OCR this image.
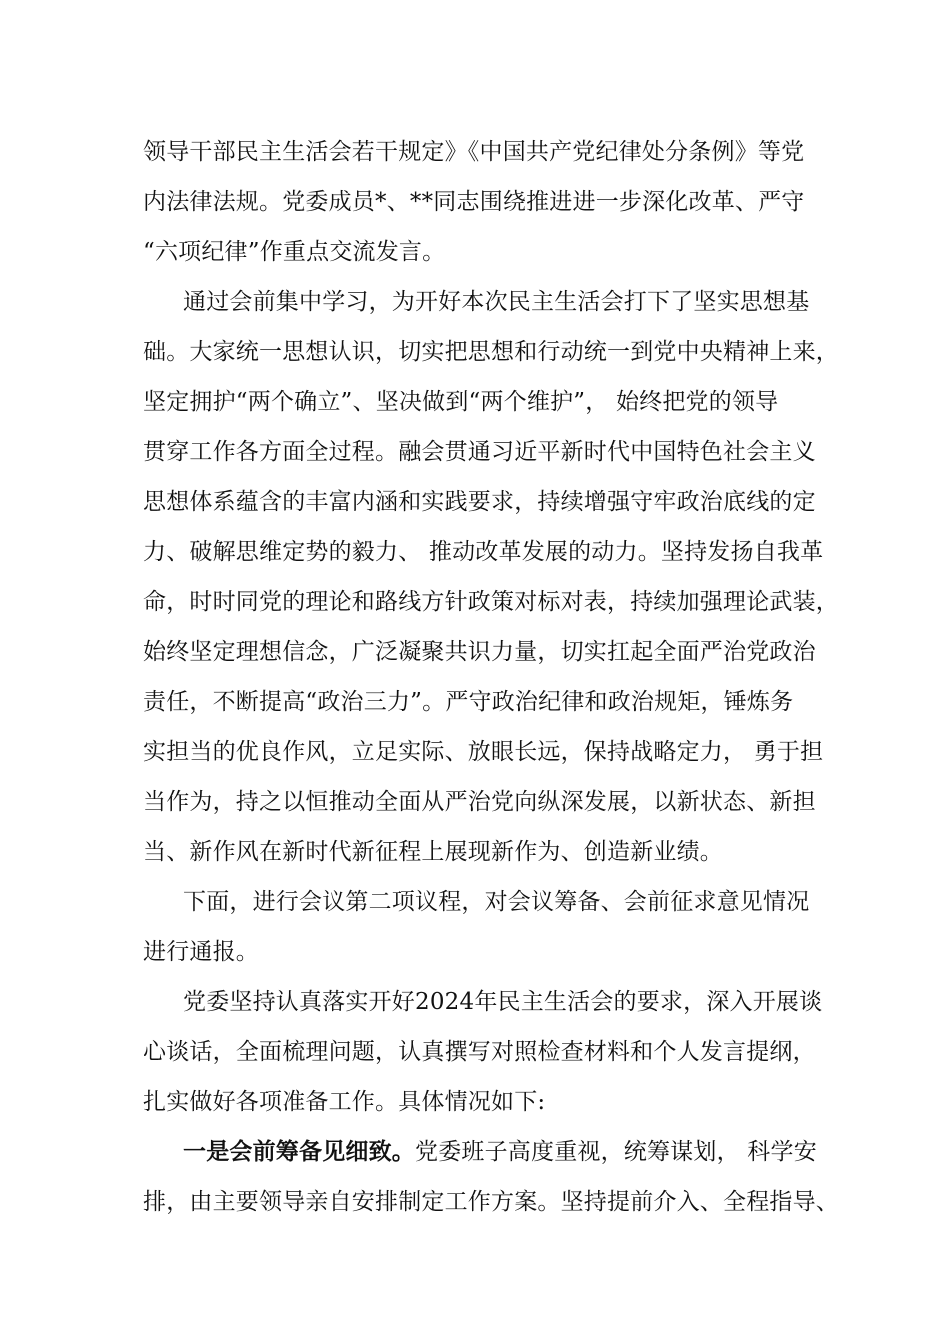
领导干部民主生活会若干规定》《中国共产党纪律处分条例》等党
内法律法规。党委成员*、**同志围绕推进进一步深化改革、严守
“六项纪律”作重点交流发言。
通过会前集中学习，为开好本次民主生活会打下了坚实思想基
础。大家统一思想认识，切实把思想和行动统一到党中央精神上来，
坚定拥护“两个确立”、坚决做到“两个维护”， 始终把党的领导
贯穿工作各方面全过程。融会贯通习近平新时代中国特色社会主义
思想体系蕴含的丰富内涵和实践要求，持续增强守牢政治底线的定
力、破解思维定势的毅力、 推动改革发展的动力。坚持发扬自我革
命，时时同党的理论和路线方针政策对标对表，持续加强理论武装，
始终坚定理想信念，广泛凝聚共识力量，切实扛起全面严治党政治
责任，不断提高“政治三力”。严守政治纪律和政治规矩，锤炼务
实担当的优良作风，立足实际、放眼长远，保持战略定力， 勇于担
当作为，持之以恒推动全面从严治党向纵深发展，以新状态、新担
当、新作风在新时代新征程上展现新作为、创造新业绩。
下面，进行会议第二项议程，对会议筹备、会前征求意见情况
进行通报。
党委坚持认真落实开好2024年民主生活会的要求，深入开展谈
心谈话，全面梳理问题，认真撰写对照检查材料和个人发言提纲，
扎实做好各项准备工作。具体情况如下:
一是会前筹备见细致。党委班子高度重视，统筹谋划， 科学安
排，由主要领导亲自安排制定工作方案。坚持提前介入、全程指导、
